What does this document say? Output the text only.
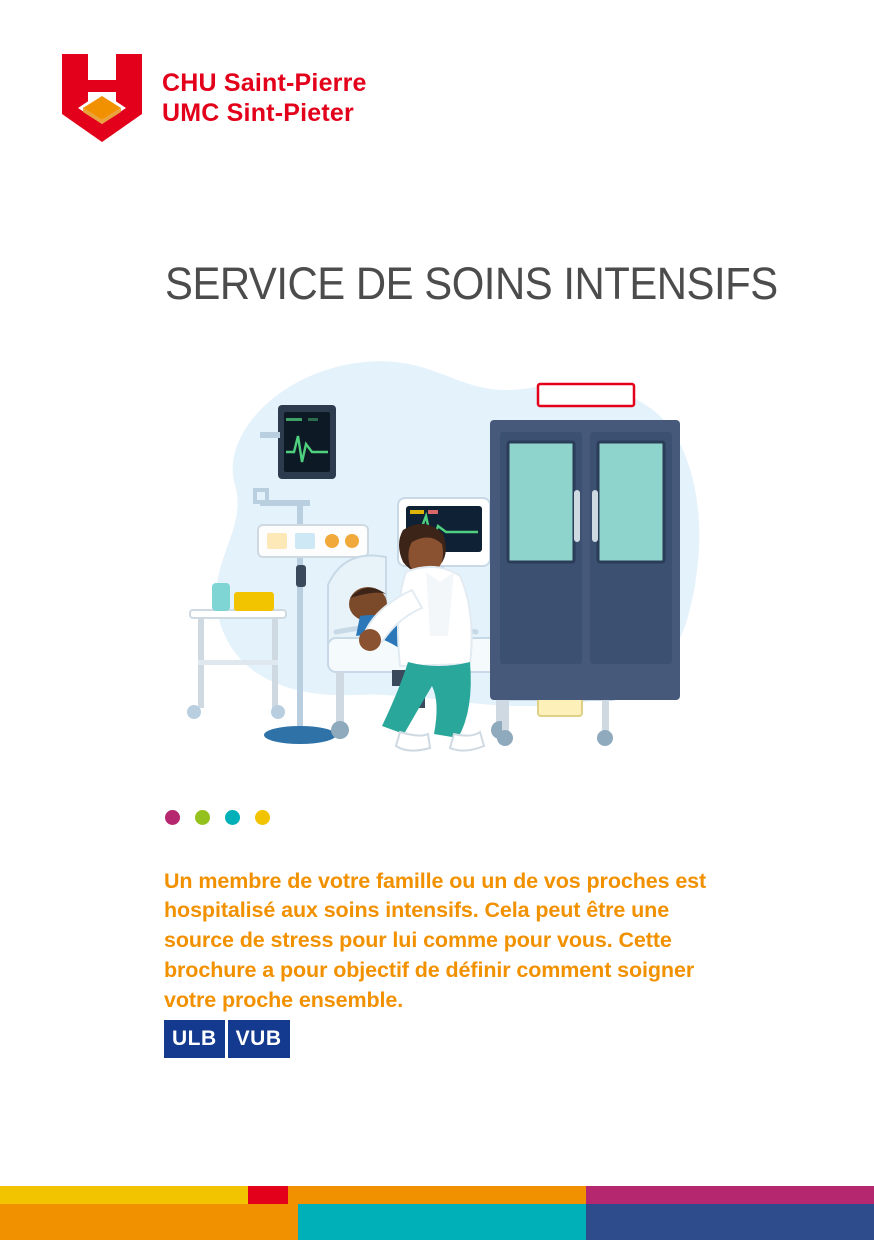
CHU Saint-Pierre
UMC Sint-Pieter
SERVICE DE SOINS INTENSIFS

Un membre de votre famille ou un de vos proches est hospitalisé aux soins intensifs. Cela peut être une source de stress pour lui comme pour vous. Cette brochure a pour objectif de définir comment soigner votre proche ensemble.

ULB VUB
